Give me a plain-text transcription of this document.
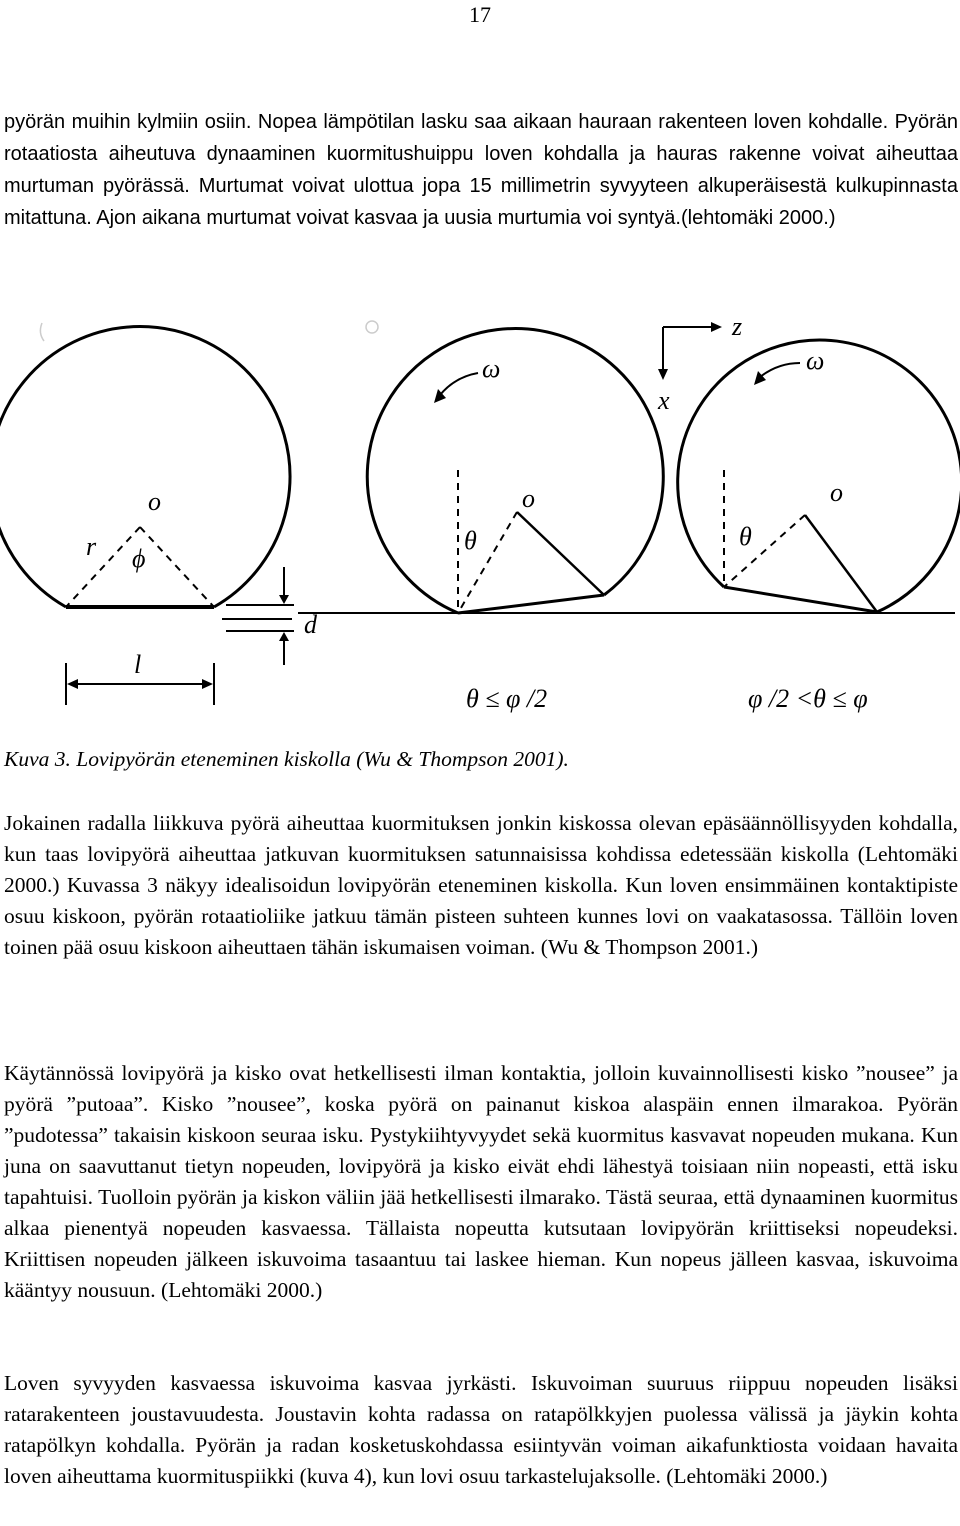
17

pyörän muihin kylmiin osiin. Nopea lämpötilan lasku saa aikaan hauraan rakenteen loven kohdalle. Pyörän rotaatiosta aiheutuva dynaaminen kuormitushuippu loven kohdalla ja hauras rakenne voivat aiheuttaa murtuman pyörässä. Murtumat voivat ulottua jopa 15 millimetrin syvyyteen alkuperäisestä kulkupinnasta mitattuna. Ajon aikana murtumat voivat kasvaa ja uusia murtumia voi syntyä.(lehtomäki 2000.)

o
r ϕ
d
l
ω
o
θ
z
x
ω
o
θ
θ ≤ φ /2	φ /2 <θ ≤ φ

Kuva 3. Lovipyörän eteneminen kiskolla (Wu & Thompson 2001).

Jokainen radalla liikkuva pyörä aiheuttaa kuormituksen jonkin kiskossa olevan epäsäännöllisyyden kohdalla, kun taas lovipyörä aiheuttaa jatkuvan kuormituksen satunnaisissa kohdissa edetessään kiskolla (Lehtomäki 2000.) Kuvassa 3 näkyy idealisoidun lovipyörän eteneminen kiskolla. Kun loven ensimmäinen kontaktipiste osuu kiskoon, pyörän rotaatioliike jatkuu tämän pisteen suhteen kunnes lovi on vaakatasossa. Tällöin loven toinen pää osuu kiskoon aiheuttaen tähän iskumaisen voiman. (Wu & Thompson 2001.)

Käytännössä lovipyörä ja kisko ovat hetkellisesti ilman kontaktia, jolloin kuvainnollisesti kisko ”nousee” ja pyörä ”putoaa”. Kisko ”nousee”, koska pyörä on painanut kiskoa alaspäin ennen ilmarakoa. Pyörän ”pudotessa” takaisin kiskoon seuraa isku. Pystykiihtyvyydet sekä kuormitus kasvavat nopeuden mukana. Kun juna on saavuttanut tietyn nopeuden, lovipyörä ja kisko eivät ehdi lähestyä toisiaan niin nopeasti, että isku tapahtuisi. Tuolloin pyörän ja kiskon väliin jää hetkellisesti ilmarako. Tästä seuraa, että dynaaminen kuormitus alkaa pienentyä nopeuden kasvaessa. Tällaista nopeutta kutsutaan lovipyörän kriittiseksi nopeudeksi. Kriittisen nopeuden jälkeen iskuvoima tasaantuu tai laskee hieman. Kun nopeus jälleen kasvaa, iskuvoima kääntyy nousuun. (Lehtomäki 2000.)

Loven syvyyden kasvaessa iskuvoima kasvaa jyrkästi. Iskuvoiman suuruus riippuu nopeuden lisäksi ratarakenteen joustavuudesta. Joustavin kohta radassa on ratapölkkyjen puolessa välissä ja jäykin kohta ratapölkyn kohdalla. Pyörän ja radan kosketuskohdassa esiintyvän voiman aikafunktiosta voidaan havaita loven aiheuttama kuormituspiikki (kuva 4), kun lovi osuu tarkastelujaksolle. (Lehtomäki 2000.)
